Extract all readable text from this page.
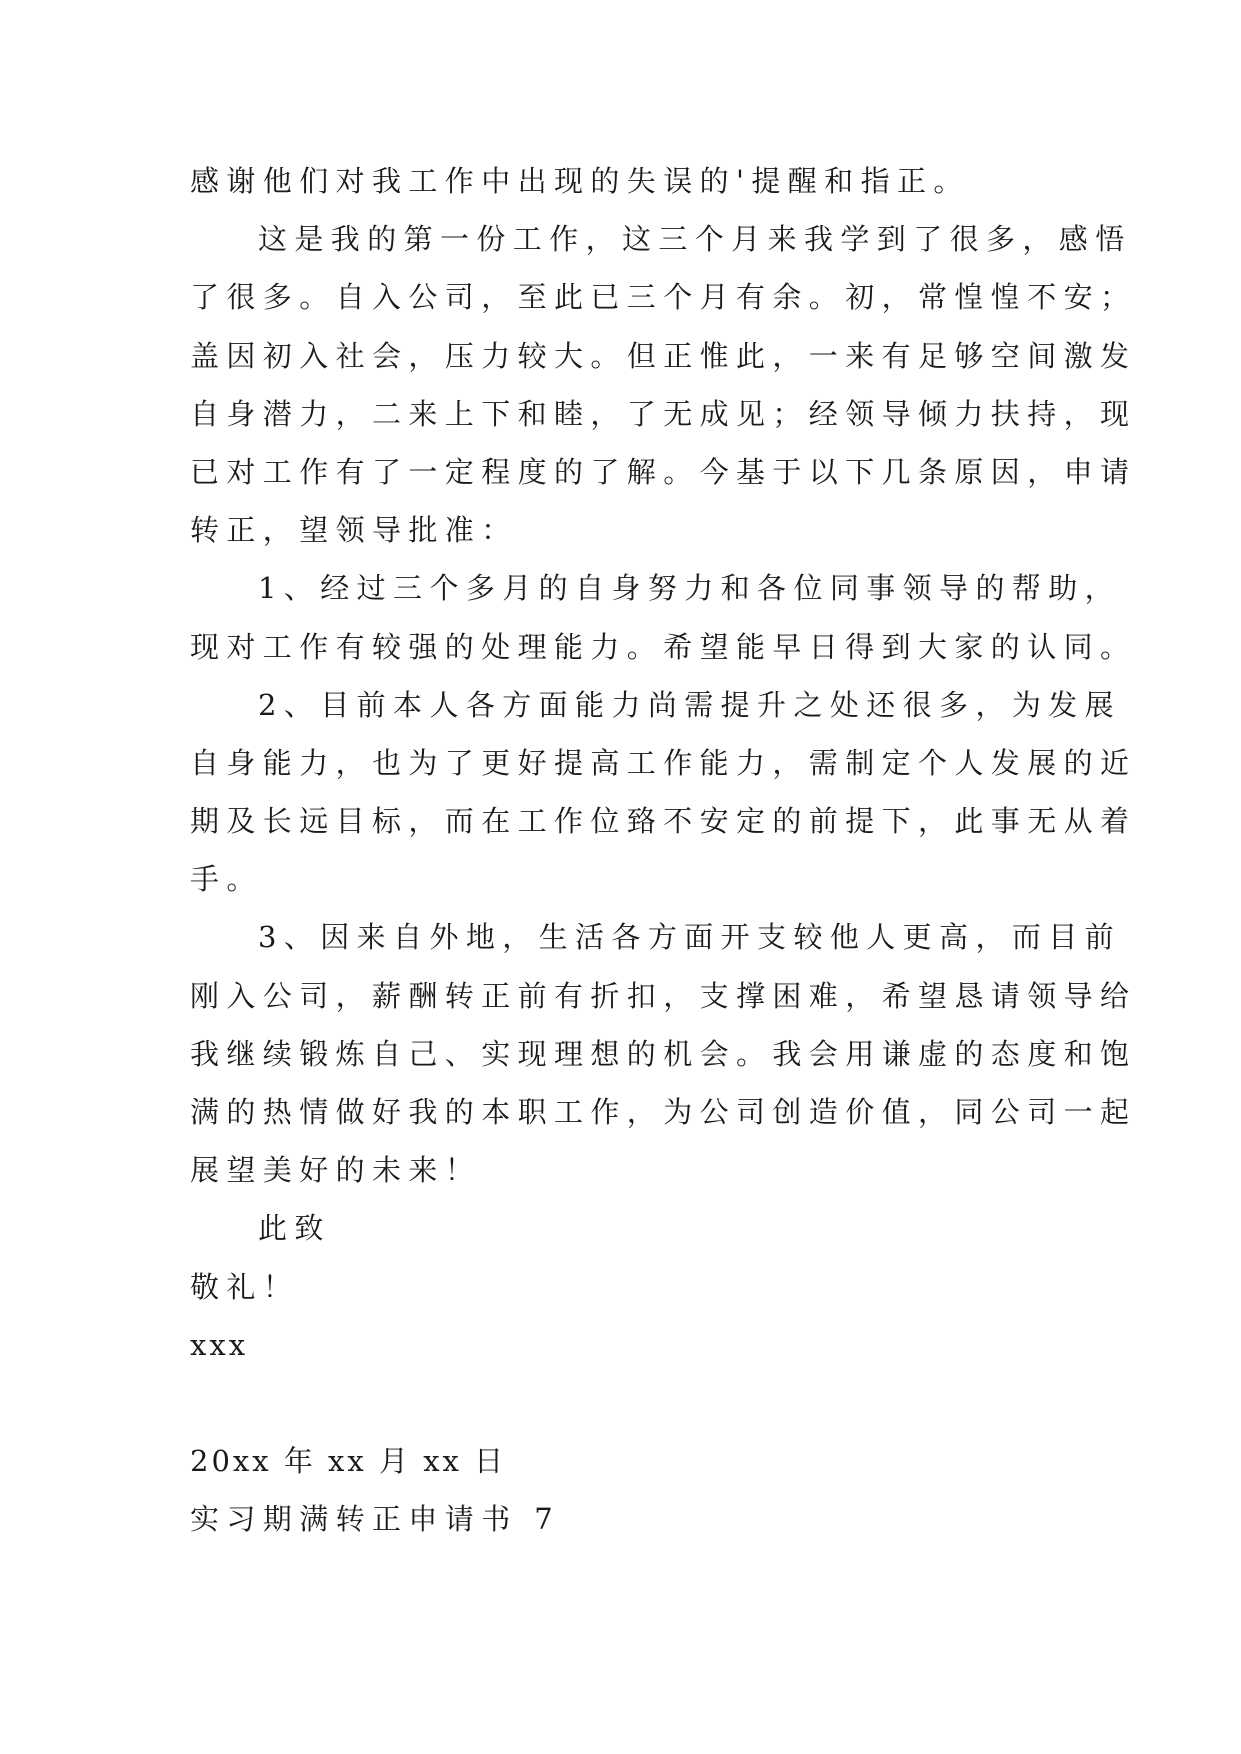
感谢他们对我工作中出现的失误的'提醒和指正。
这是我的第一份工作，这三个月来我学到了很多，感悟
了很多。自入公司，至此已三个月有余。初，常惶惶不安；
盖因初入社会，压力较大。但正惟此，一来有足够空间激发
自身潜力，二来上下和睦，了无成见；经领导倾力扶持，现
已对工作有了一定程度的了解。今基于以下几条原因，申请
转正，望领导批准：
1、经过三个多月的自身努力和各位同事领导的帮助，
现对工作有较强的处理能力。希望能早日得到大家的认同。
2、目前本人各方面能力尚需提升之处还很多，为发展
自身能力，也为了更好提高工作能力，需制定个人发展的近
期及长远目标，而在工作位臵不安定的前提下，此事无从着
手。
3、因来自外地，生活各方面开支较他人更高，而目前
刚入公司，薪酬转正前有折扣，支撑困难，希望恳请领导给
我继续锻炼自己、实现理想的机会。我会用谦虚的态度和饱
满的热情做好我的本职工作，为公司创造价值，同公司一起
展望美好的未来！
此致
敬礼！
xxx
20xx 年 xx 月 xx 日
实习期满转正申请书 7
